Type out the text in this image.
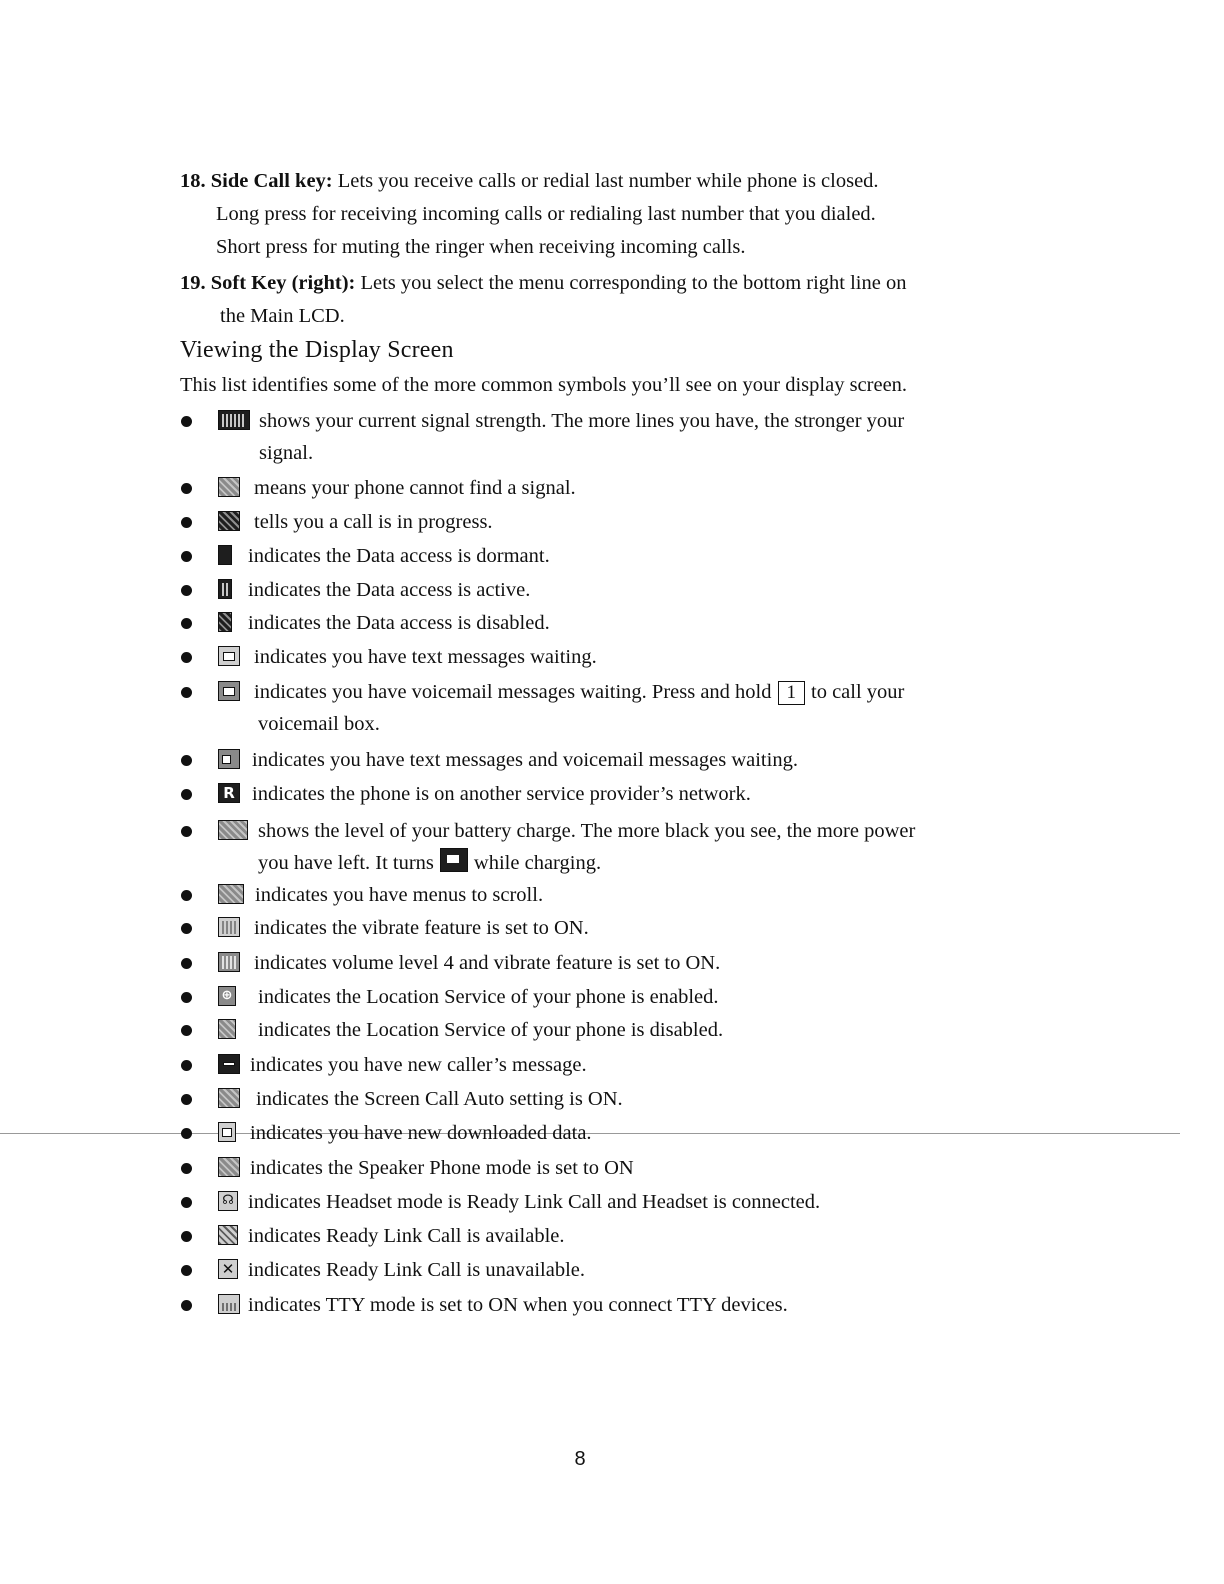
18. Side Call key: Lets you receive calls or redial last number while phone is closed.
Long press for receiving incoming calls or redialing last number that you dialed.
Short press for muting the ringer when receiving incoming calls.
19. Soft Key (right): Lets you select the menu corresponding to the bottom right line on
the Main LCD.
Viewing the Display Screen
This list identifies some of the more common symbols you’ll see on your display screen.
shows your current signal strength. The more lines you have, the stronger your
signal.
means your phone cannot find a signal.
tells you a call is in progress.
indicates the Data access is dormant.
indicates the Data access is active.
indicates the Data access is disabled.
indicates you have text messages waiting.
indicates you have voicemail messages waiting. Press and hold 1 to call your
voicemail box.
indicates you have text messages and voicemail messages waiting.
R indicates the phone is on another service provider’s network.
shows the level of your battery charge. The more black you see, the more power
you have left. It turns while charging.
indicates you have menus to scroll.
indicates the vibrate feature is set to ON.
indicates volume level 4 and vibrate feature is set to ON.
⊕ indicates the Location Service of your phone is enabled.
indicates the Location Service of your phone is disabled.
indicates you have new caller’s message.
indicates the Screen Call Auto setting is ON.
indicates you have new downloaded data.
indicates the Speaker Phone mode is set to ON
☊ indicates Headset mode is Ready Link Call and Headset is connected.
indicates Ready Link Call is available.
✕ indicates Ready Link Call is unavailable.
indicates TTY mode is set to ON when you connect TTY devices.
8
